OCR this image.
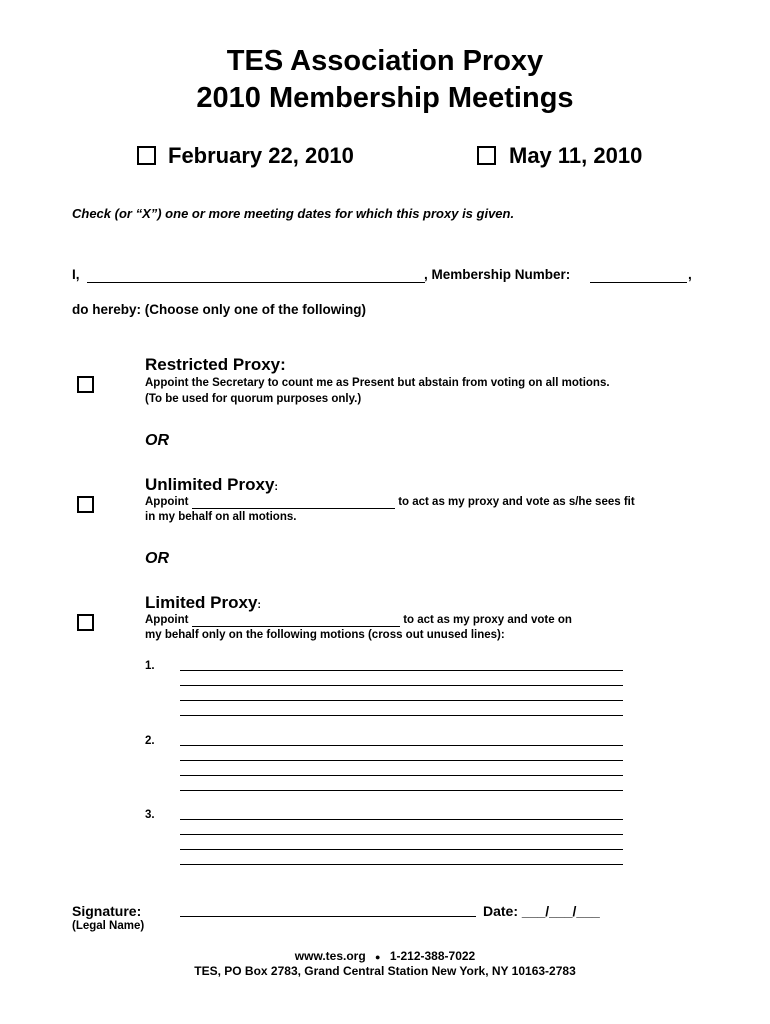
TES Association Proxy
2010 Membership Meetings
February 22, 2010	May 11, 2010
Check (or “X”) one or more meeting dates for which this proxy is given.
I,	, Membership Number:	,
do hereby: (Choose only one of the following)
Restricted Proxy:
Appoint the Secretary to count me as Present but abstain from voting on all motions.
(To be used for quorum purposes only.)
OR
Unlimited Proxy:
Appoint	to act as my proxy and vote as s/he sees fit
in my behalf on all motions.
OR
Limited Proxy:
Appoint	to act as my proxy and vote on
my behalf only on the following motions (cross out unused lines):
1.
2.
3.
Signature:
(Legal Name)
Date: ___/___/___
www.tes.org ● 1-212-388-7022
TES, PO Box 2783, Grand Central Station New York, NY 10163-2783
